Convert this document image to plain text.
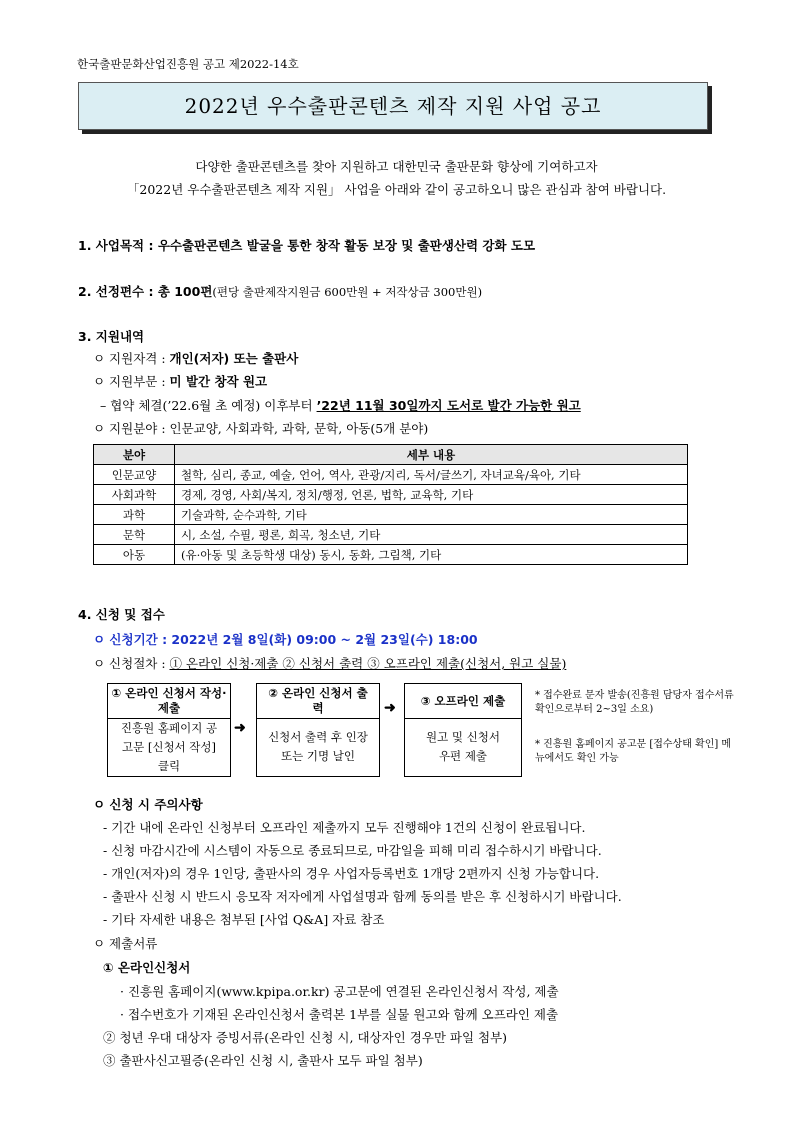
한국출판문화산업진흥원 공고 제2022-14호
2022년 우수출판콘텐츠 제작 지원 사업 공고
다양한 출판콘텐츠를 찾아 지원하고 대한민국 출판문화 향상에 기여하고자
「2022년 우수출판콘텐츠 제작 지원」 사업을 아래와 같이 공고하오니 많은 관심과 참여 바랍니다.
1. 사업목적 : 우수출판콘텐츠 발굴을 통한 창작 활동 보장 및 출판생산력 강화 도모
2. 선정편수 : 총 100편(편당 출판제작지원금 600만원 + 저작상금 300만원)
3. 지원내역
ㅇ 지원자격 : 개인(저자) 또는 출판사
ㅇ 지원부문 : 미 발간 창작 원고
– 협약 체결(’22.6월 초 예정) 이후부터 ’22년 11월 30일까지 도서로 발간 가능한 원고
ㅇ 지원분야 : 인문교양, 사회과학, 과학, 문학, 아동(5개 분야)
분야	세부 내용
인문교양	철학, 심리, 종교, 예술, 언어, 역사, 관광/지리, 독서/글쓰기, 자녀교육/육아, 기타
사회과학	경제, 경영, 사회/복지, 정치/행정, 언론, 법학, 교육학, 기타
과학	기술과학, 순수과학, 기타
문학	시, 소설, 수필, 평론, 희곡, 청소년, 기타
아동	(유·아동 및 초등학생 대상) 동시, 동화, 그림책, 기타
4. 신청 및 접수
ㅇ 신청기간 : 2022년 2월 8일(화) 09:00 ~ 2월 23일(수) 18:00
ㅇ 신청절차 : ① 온라인 신청·제출 ② 신청서 출력 ③ 오프라인 제출(신청서, 원고 실물)
① 온라인 신청서 작성·제출
진흥원 홈페이지 공고문 [신청서 작성] 클릭
➜
② 온라인 신청서 출력
신청서 출력 후 인장 또는 기명 날인
➜	③ 오프라인 제출
원고 및 신청서 우편 제출
* 접수완료 문자 발송(진흥원 담당자 접수서류 확인으로부터 2~3일 소요)
* 진흥원 홈페이지 공고문 [접수상태 확인] 메뉴에서도 확인 가능
ㅇ 신청 시 주의사항
- 기간 내에 온라인 신청부터 오프라인 제출까지 모두 진행해야 1건의 신청이 완료됩니다.
- 신청 마감시간에 시스템이 자동으로 종료되므로, 마감일을 피해 미리 접수하시기 바랍니다.
- 개인(저자)의 경우 1인당, 출판사의 경우 사업자등록번호 1개당 2편까지 신청 가능합니다.
- 출판사 신청 시 반드시 응모작 저자에게 사업설명과 함께 동의를 받은 후 신청하시기 바랍니다.
- 기타 자세한 내용은 첨부된 [사업 Q&A] 자료 참조
ㅇ 제출서류
① 온라인신청서
· 진흥원 홈페이지(www.kpipa.or.kr) 공고문에 연결된 온라인신청서 작성, 제출
· 접수번호가 기재된 온라인신청서 출력본 1부를 실물 원고와 함께 오프라인 제출
② 청년 우대 대상자 증빙서류(온라인 신청 시, 대상자인 경우만 파일 첨부)
③ 출판사신고필증(온라인 신청 시, 출판사 모두 파일 첨부)
